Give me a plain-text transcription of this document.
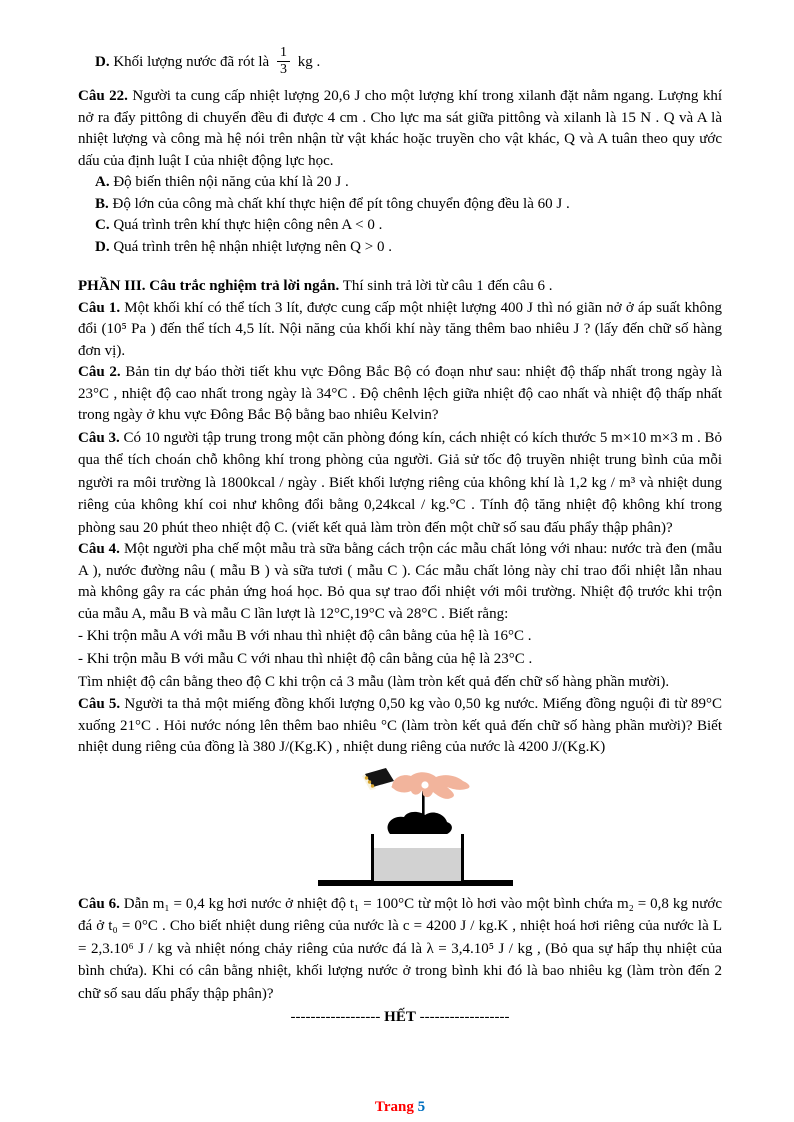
D. Khối lượng nước đã rót là $\frac{1}{3}$ kg .

Câu 22. Người ta cung cấp nhiệt lượng 20,6 J cho một lượng khí trong xilanh đặt nằm ngang. Lượng khí nở ra đẩy pittông di chuyển đều đi được 4 cm . Cho lực ma sát giữa pittông và xilanh là 15 N . Q và A là nhiệt lượng và công mà hệ nói trên nhận từ vật khác hoặc truyền cho vật khác, Q và A tuân theo quy ước dấu của định luật I của nhiệt động lực học.

A. Độ biến thiên nội năng của khí là 20 J .

B. Độ lớn của công mà chất khí thực hiện để pít tông chuyển động đều là 60 J .

C. Quá trình trên khí thực hiện công nên A < 0 .

D. Quá trình trên hệ nhận nhiệt lượng nên Q > 0 .

PHẦN III. Câu trắc nghiệm trả lời ngắn. Thí sinh trả lời từ câu 1 đến câu 6 .

Câu 1. Một khối khí có thể tích 3 lít, được cung cấp một nhiệt lượng 400 J thì nó giãn nở ở áp suất không đổi (10⁵ Pa ) đến thể tích 4,5 lít. Nội năng của khối khí này tăng thêm bao nhiêu J ? (lấy đến chữ số hàng đơn vị).

Câu 2. Bản tin dự báo thời tiết khu vực Đông Bắc Bộ có đoạn như sau: nhiệt độ thấp nhất trong ngày là 23°C , nhiệt độ cao nhất trong ngày là 34°C . Độ chênh lệch giữa nhiệt độ cao nhất và nhiệt độ thấp nhất trong ngày ở khu vực Đông Bắc Bộ bằng bao nhiêu Kelvin?

Câu 3. Có 10 người tập trung trong một căn phòng đóng kín, cách nhiệt có kích thước 5 m×10 m×3 m . Bỏ qua thể tích choán chỗ không khí trong phòng của người. Giả sử tốc độ truyền nhiệt trung bình của mỗi người ra môi trường là 1800kcal / ngày . Biết khối lượng riêng của không khí là 1,2 kg / m³ và nhiệt dung riêng của không khí coi như không đổi bằng 0,24kcal / kg.°C . Tính độ tăng nhiệt độ không khí trong phòng sau 20 phút theo nhiệt độ C. (viết kết quả làm tròn đến một chữ số sau đấu phẩy thập phân)?

Câu 4. Một người pha chế một mẫu trà sữa bằng cách trộn các mẫu chất lỏng với nhau: nước trà đen (mẫu A ), nước đường nâu ( mẫu B ) và sữa tươi ( mẫu C ). Các mẫu chất lỏng này chỉ trao đổi nhiệt lẫn nhau mà không gây ra các phản ứng hoá học. Bỏ qua sự trao đổi nhiệt với môi trường. Nhiệt độ trước khi trộn của mẫu A, mẫu B và mẫu C lần lượt là 12°C,19°C và 28°C . Biết rằng:

- Khi trộn mẫu A với mẫu B với nhau thì nhiệt độ cân bằng của hệ là 16°C .

- Khi trộn mẫu B với mẫu C với nhau thì nhiệt độ cân bằng của hệ là 23°C .

Tìm nhiệt độ cân bằng theo độ C khi trộn cả 3 mẫu (làm tròn kết quả đến chữ số hàng phần mười).

Câu 5. Người ta thả một miếng đồng khối lượng 0,50 kg vào 0,50 kg nước. Miếng đồng nguội đi từ 89°C xuống 21°C . Hỏi nước nóng lên thêm bao nhiêu °C (làm tròn kết quả đến chữ số hàng phần mười)? Biết nhiệt dung riêng của đồng là 380 J/(Kg.K) , nhiệt dung riêng của nước là 4200 J/(Kg.K)

Câu 6. Dẫn m₁ = 0,4 kg hơi nước ở nhiệt độ t₁ = 100°C từ một lò hơi vào một bình chứa m₂ = 0,8 kg nước đá ở t₀ = 0°C . Cho biết nhiệt dung riêng của nước là c = 4200 J / kg.K , nhiệt hoá hơi riêng của nước là L = 2,3.10⁶ J / kg và nhiệt nóng chảy riêng của nước đá là λ = 3,4.10⁵ J / kg , (Bỏ qua sự hấp thụ nhiệt của bình chứa). Khi có cân bằng nhiệt, khối lượng nước ở trong bình khi đó là bao nhiêu kg (làm tròn đến 2 chữ số sau dấu phẩy thập phân)?

------------------ HẾT ------------------

Trang 5
